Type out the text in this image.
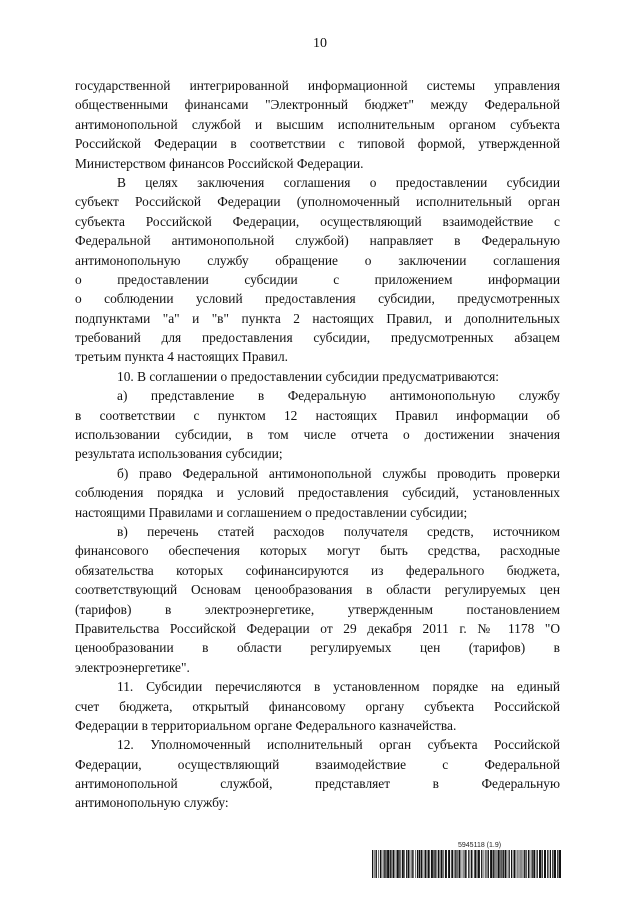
10
государственной интегрированной информационной системы управления
общественными финансами "Электронный бюджет" между Федеральной
антимонопольной службой и высшим исполнительным органом субъекта
Российской Федерации в соответствии с типовой формой, утвержденной
Министерством финансов Российской Федерации.
В целях заключения соглашения о предоставлении субсидии
субъект Российской Федерации (уполномоченный исполнительный орган
субъекта Российской Федерации, осуществляющий взаимодействие с
Федеральной антимонопольной службой) направляет в Федеральную
антимонопольную службу обращение о заключении соглашения
о предоставлении субсидии с приложением информации
о соблюдении условий предоставления субсидии, предусмотренных
подпунктами "а" и "в" пункта 2 настоящих Правил, и дополнительных
требований для предоставления субсидии, предусмотренных абзацем
третьим пункта 4 настоящих Правил.
10. В соглашении о предоставлении субсидии предусматриваются:
а) представление в Федеральную антимонопольную службу
в соответствии с пунктом 12 настоящих Правил информации об
использовании субсидии, в том числе отчета о достижении значения
результата использования субсидии;
б) право Федеральной антимонопольной службы проводить проверки
соблюдения порядка и условий предоставления субсидий, установленных
настоящими Правилами и соглашением о предоставлении субсидии;
в) перечень статей расходов получателя средств, источником
финансового обеспечения которых могут быть средства, расходные
обязательства которых софинансируются из федерального бюджета,
соответствующий Основам ценообразования в области регулируемых цен
(тарифов) в электроэнергетике, утвержденным постановлением
Правительства Российской Федерации от 29 декабря 2011 г. № 1178 "О
ценообразовании в области регулируемых цен (тарифов) в
электроэнергетике".
11. Субсидии перечисляются в установленном порядке на единый
счет бюджета, открытый финансовому органу субъекта Российской
Федерации в территориальном органе Федерального казначейства.
12. Уполномоченный исполнительный орган субъекта Российской
Федерации, осуществляющий взаимодействие с Федеральной
антимонопольной службой, представляет в Федеральную
антимонопольную службу:
5945118 (1.9)
